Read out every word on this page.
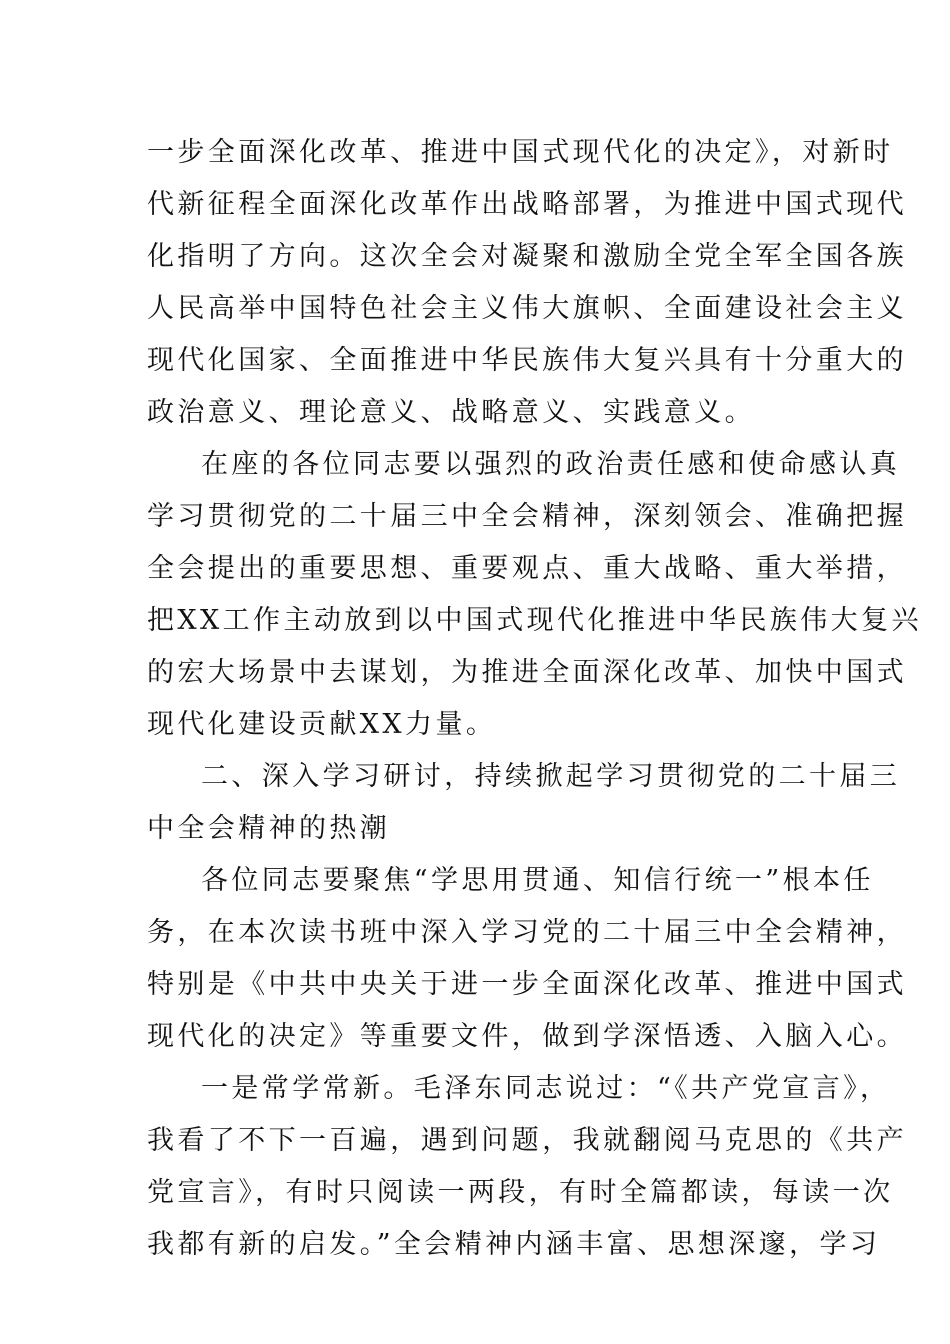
一步全面深化改革、推进中国式现代化的决定》，对新时
代新征程全面深化改革作出战略部署，为推进中国式现代
化指明了方向。这次全会对凝聚和激励全党全军全国各族
人民高举中国特色社会主义伟大旗帜、全面建设社会主义
现代化国家、全面推进中华民族伟大复兴具有十分重大的
政治意义、理论意义、战略意义、实践意义。
在座的各位同志要以强烈的政治责任感和使命感认真
学习贯彻党的二十届三中全会精神，深刻领会、准确把握
全会提出的重要思想、重要观点、重大战略、重大举措，
把XX工作主动放到以中国式现代化推进中华民族伟大复兴
的宏大场景中去谋划，为推进全面深化改革、加快中国式
现代化建设贡献XX力量。
二、深入学习研讨，持续掀起学习贯彻党的二十届三
中全会精神的热潮
各位同志要聚焦“学思用贯通、知信行统一”根本任
务，在本次读书班中深入学习党的二十届三中全会精神，
特别是《中共中央关于进一步全面深化改革、推进中国式
现代化的决定》等重要文件，做到学深悟透、入脑入心。
一是常学常新。毛泽东同志说过：“《共产党宣言》，
我看了不下一百遍，遇到问题，我就翻阅马克思的《共产
党宣言》，有时只阅读一两段，有时全篇都读，每读一次
我都有新的启发。”全会精神内涵丰富、思想深邃，学习
